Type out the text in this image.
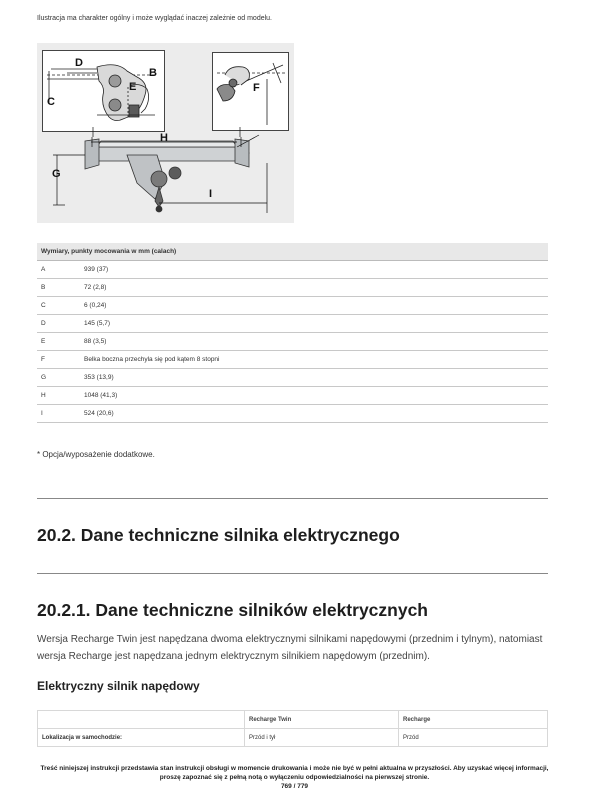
Ilustracja ma charakter ogólny i może wyglądać inaczej zależnie od modelu.
D
B
C
E	F
H
G
I
Wymiary, punkty mocowania w mm (calach)	
A	939 (37)
B	72 (2,8)
C	6 (0,24)
D	145 (5,7)
E	88 (3,5)
F	Belka boczna przechyla się pod kątem 8 stopni
G	353 (13,9)
H	1048 (41,3)
I	524 (20,6)
* Opcja/wyposażenie dodatkowe.
20.2. Dane techniczne silnika elektrycznego
20.2.1. Dane techniczne silników elektrycznych
Wersja Recharge Twin jest napędzana dwoma elektrycznymi silnikami napędowymi (przednim i tylnym), natomiast wersja Recharge jest napędzana jednym elektrycznym silnikiem napędowym (przednim).
Elektryczny silnik napędowy
	Recharge Twin	Recharge
Lokalizacja w samochodzie:	Przód i tył	Przód
Treść niniejszej instrukcji przedstawia stan instrukcji obsługi w momencie drukowania i może nie być w pełni aktualna w przyszłości. Aby uzyskać więcej informacji, proszę zapoznać się z pełną notą o wyłączeniu odpowiedzialności na pierwszej stronie.
769 / 779
